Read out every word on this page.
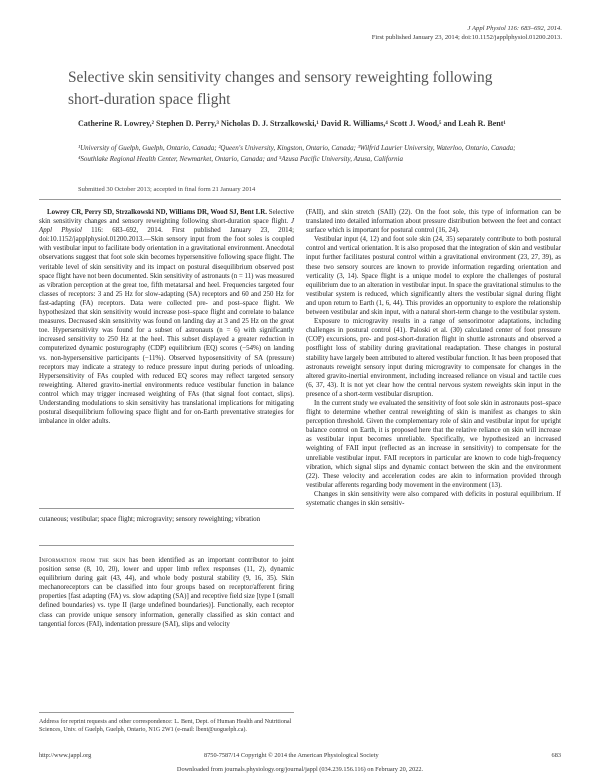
J Appl Physiol 116: 683–692, 2014.
First published January 23, 2014; doi:10.1152/japplphysiol.01200.2013.
Selective skin sensitivity changes and sensory reweighting following short-duration space flight
Catherine R. Lowrey,² Stephen D. Perry,³ Nicholas D. J. Strzalkowski,¹ David R. Williams,⁴ Scott J. Wood,⁵ and Leah R. Bent¹
¹University of Guelph, Guelph, Ontario, Canada; ²Queen's University, Kingston, Ontario, Canada; ³Wilfrid Laurier University, Waterloo, Ontario, Canada; ⁴Southlake Regional Health Center, Newmarket, Ontario, Canada; and ⁵Azusa Pacific University, Azusa, California
Submitted 30 October 2013; accepted in final form 21 January 2014

Lowrey CR, Perry SD, Strzalkowski ND, Williams DR, Wood SJ, Bent LR. Selective skin sensitivity changes and sensory reweighting following short-duration space flight. J Appl Physiol 116: 683–692, 2014. First published January 23, 2014; doi:10.1152/japplphysiol.01200.2013.—Skin sensory input from the foot soles is coupled with vestibular input to facilitate body orientation in a gravitational environment. Anecdotal observations suggest that foot sole skin becomes hypersensitive following space flight. The veritable level of skin sensitivity and its impact on postural disequilibrium observed post space flight have not been documented. Skin sensitivity of astronauts (n = 11) was measured as vibration perception at the great toe, fifth metatarsal and heel. Frequencies targeted four classes of receptors: 3 and 25 Hz for slow-adapting (SA) receptors and 60 and 250 Hz for fast-adapting (FA) receptors. Data were collected pre- and post–space flight. We hypothesized that skin sensitivity would increase post–space flight and correlate to balance measures. Decreased skin sensitivity was found on landing day at 3 and 25 Hz on the great toe. Hypersensitivity was found for a subset of astronauts (n = 6) with significantly increased sensitivity to 250 Hz at the heel. This subset displayed a greater reduction in computerized dynamic posturography (CDP) equilibrium (EQ) scores (−54%) on landing vs. non-hypersensitive participants (−11%). Observed hyposensitivity of SA (pressure) receptors may indicate a strategy to reduce pressure input during periods of unloading. Hypersensitivity of FAs coupled with reduced EQ scores may reflect targeted sensory reweighting. Altered gravito-inertial environments reduce vestibular function in balance control which may trigger increased weighting of FAs (that signal foot contact, slips). Understanding modulations to skin sensitivity has translational implications for mitigating postural disequilibrium following space flight and for on-Earth preventative strategies for imbalance in older adults.

cutaneous; vestibular; space flight; microgravity; sensory reweighting; vibration

Information from the skin has been identified as an important contributor to joint position sense (8, 10, 20), lower and upper limb reflex responses (11, 2), dynamic equilibrium during gait (43, 44), and whole body postural stability (9, 16, 35). Skin mechanoreceptors can be classified into four groups based on receptor/afferent firing properties [fast adapting (FA) vs. slow adapting (SA)] and receptive field size [type I (small defined boundaries) vs. type II (large undefined boundaries)]. Functionally, each receptor class can provide unique sensory information, generally classified as skin contact and tangential forces (FAI), indentation pressure (SAI), slips and velocity

Address for reprint requests and other correspondence: L. Bent, Dept. of Human Health and Nutritional Sciences, Univ. of Guelph, Guelph, Ontario, N1G 2W1 (e-mail: lbent@uoguelph.ca).

(FAII), and skin stretch (SAII) (22). On the foot sole, this type of information can be translated into detailed information about pressure distribution between the feet and contact surface which is important for postural control (16, 24).

Vestibular input (4, 12) and foot sole skin (24, 35) separately contribute to both postural control and vertical orientation. It is also proposed that the integration of skin and vestibular input further facilitates postural control within a gravitational environment (23, 27, 39), as these two sensory sources are known to provide information regarding orientation and verticality (3, 14). Space flight is a unique model to explore the challenges of postural equilibrium due to an alteration in vestibular input. In space the gravitational stimulus to the vestibular system is reduced, which significantly alters the vestibular signal during flight and upon return to Earth (1, 6, 44). This provides an opportunity to explore the relationship between vestibular and skin input, with a natural short-term change to the vestibular system.

Exposure to microgravity results in a range of sensorimotor adaptations, including challenges in postural control (41). Paloski et al. (30) calculated center of foot pressure (COP) excursions, pre- and post-short-duration flight in shuttle astronauts and observed a postflight loss of stability during gravitational readaptation. These changes in postural stability have largely been attributed to altered vestibular function. It has been proposed that astronauts reweight sensory input during microgravity to compensate for changes in the altered gravito-inertial environment, including increased reliance on visual and tactile cues (6, 37, 43). It is not yet clear how the central nervous system reweights skin input in the presence of a short-term vestibular disruption.

In the current study we evaluated the sensitivity of foot sole skin in astronauts post–space flight to determine whether central reweighting of skin is manifest as changes to skin perception threshold. Given the complementary role of skin and vestibular input for upright balance control on Earth, it is proposed here that the relative reliance on skin will increase as vestibular input becomes unreliable. Specifically, we hypothesized an increased weighting of FAII input (reflected as an increase in sensitivity) to compensate for the unreliable vestibular input. FAII receptors in particular are known to code high-frequency vibration, which signal slips and dynamic contact between the skin and the environment (22). These velocity and acceleration codes are akin to information provided through vestibular afferents regarding body movement in the environment (13).

Changes in skin sensitivity were also compared with deficits in postural equilibrium. If systematic changes in skin sensitiv-

http://www.jappl.org	8750-7587/14 Copyright © 2014 the American Physiological Society	683
Downloaded from journals.physiology.org/journal/jappl (034.239.156.116) on February 20, 2022.
